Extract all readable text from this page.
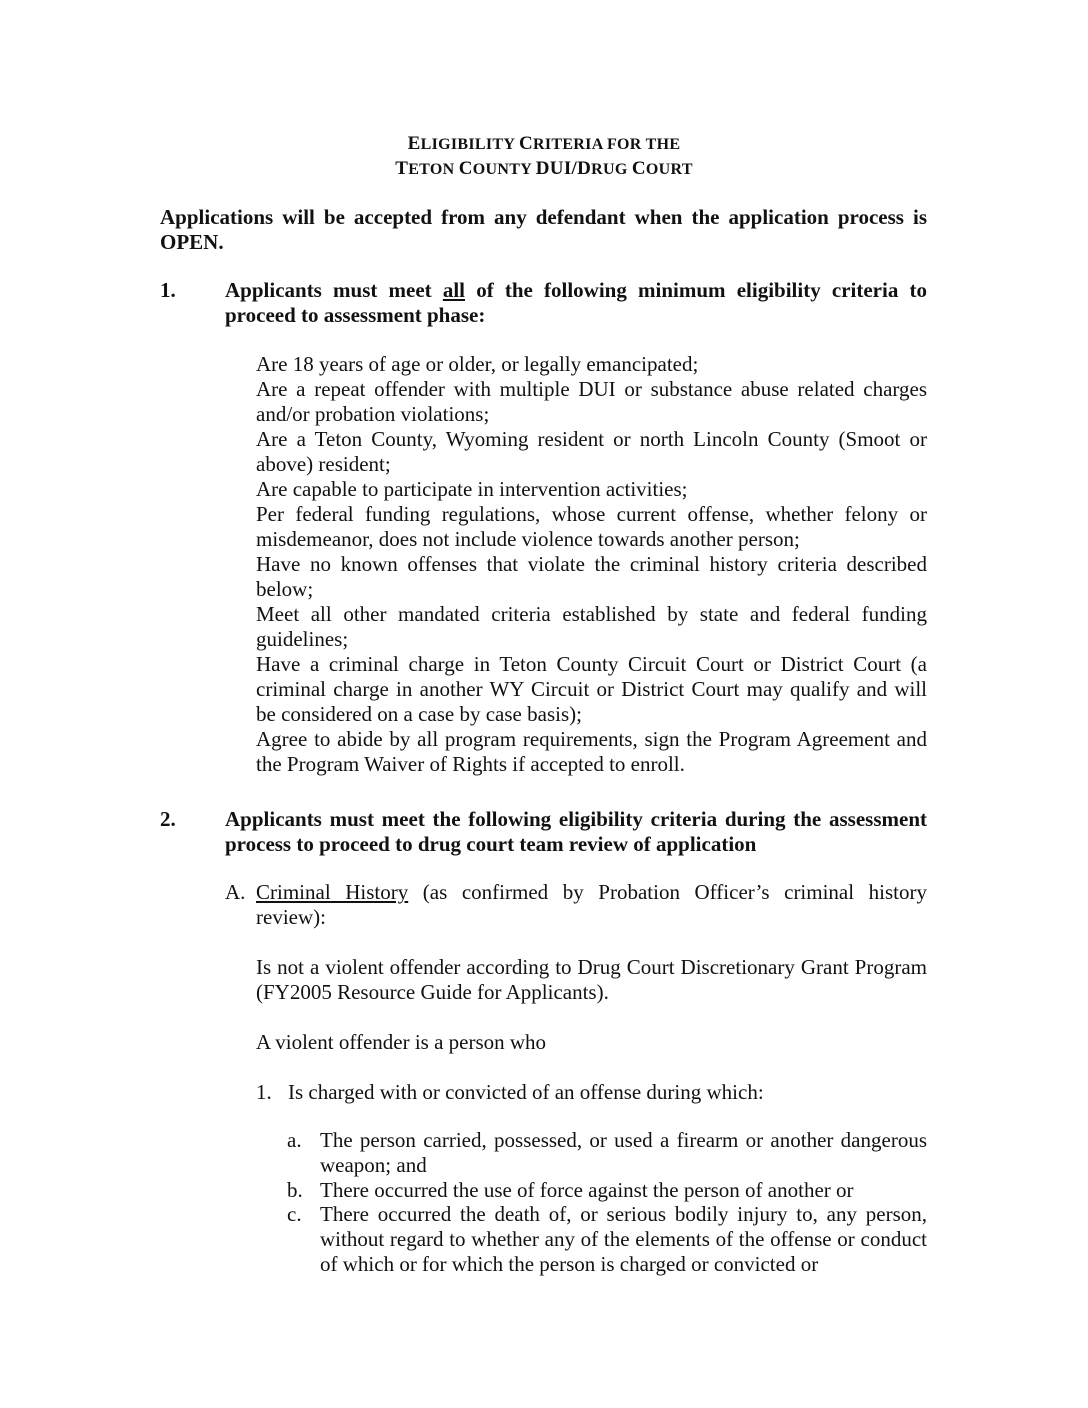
ELIGIBILITY CRITERIA FOR THE
TETON COUNTY DUI/DRUG COURT
Applications will be accepted from any defendant when the application process is OPEN.
1. Applicants must meet all of the following minimum eligibility criteria to proceed to assessment phase:

Are 18 years of age or older, or legally emancipated;

Are a repeat offender with multiple DUI or substance abuse related charges and/or probation violations;

Are a Teton County, Wyoming resident or north Lincoln County (Smoot or above) resident;

Are capable to participate in intervention activities;

Per federal funding regulations, whose current offense, whether felony or misdemeanor, does not include violence towards another person;

Have no known offenses that violate the criminal history criteria described below;

Meet all other mandated criteria established by state and federal funding guidelines;

Have a criminal charge in Teton County Circuit Court or District Court (a criminal charge in another WY Circuit or District Court may qualify and will be considered on a case by case basis);

Agree to abide by all program requirements, sign the Program Agreement and the Program Waiver of Rights if accepted to enroll.

2. Applicants must meet the following eligibility criteria during the assessment process to proceed to drug court team review of application
A. Criminal History (as confirmed by Probation Officer’s criminal history review):
Is not a violent offender according to Drug Court Discretionary Grant Program (FY2005 Resource Guide for Applicants).
A violent offender is a person who
1. Is charged with or convicted of an offense during which:
a. The person carried, possessed, or used a firearm or another dangerous weapon; and
b. There occurred the use of force against the person of another or
c. There occurred the death of, or serious bodily injury to, any person, without regard to whether any of the elements of the offense or conduct of which or for which the person is charged or convicted or
